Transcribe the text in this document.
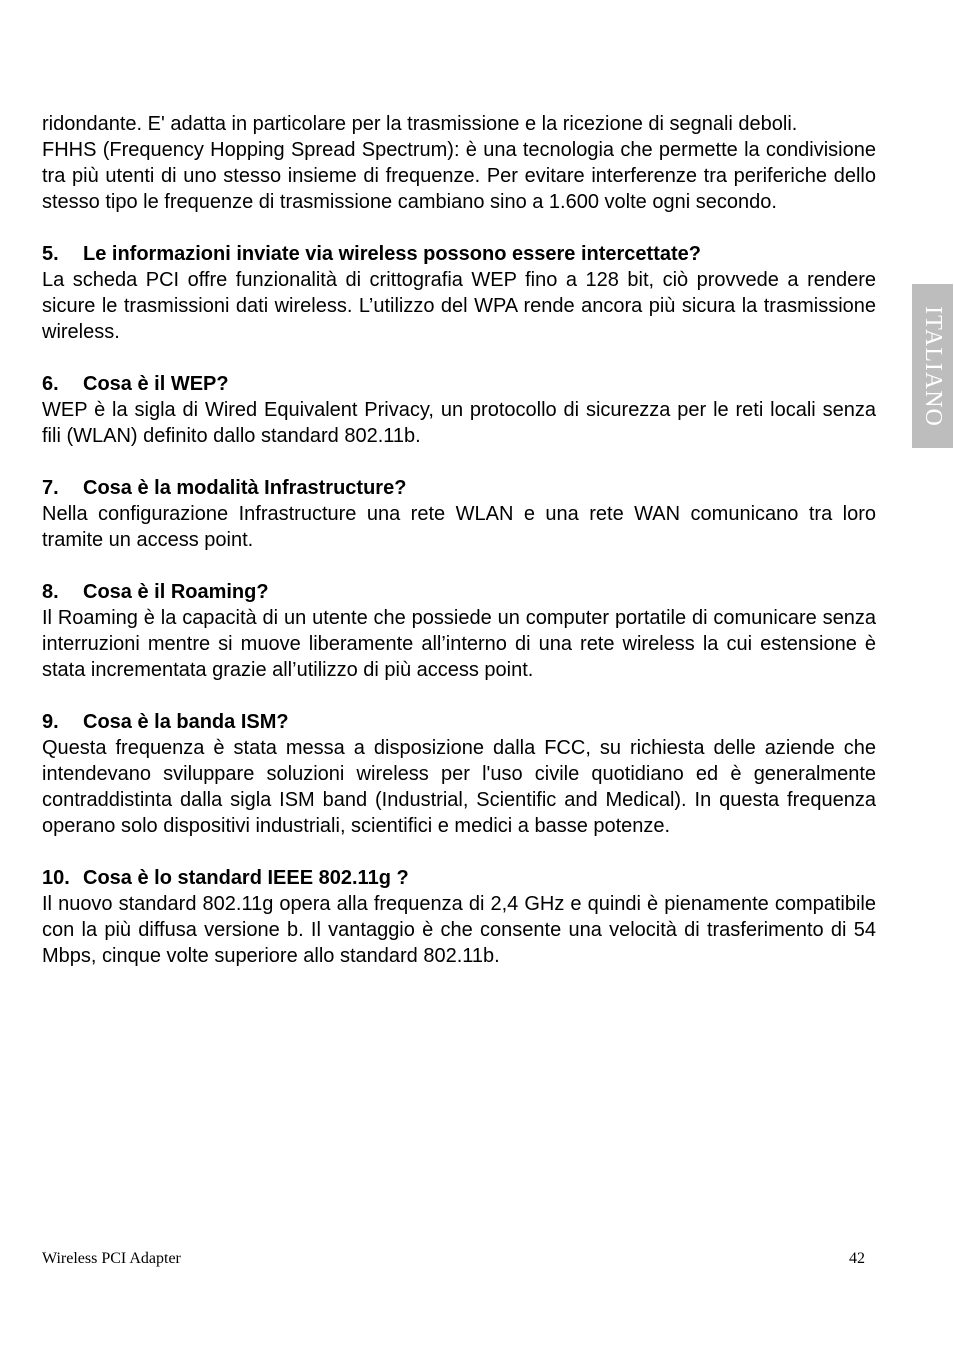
ridondante. E' adatta in particolare per la trasmissione e la ricezione di segnali deboli.

FHHS (Frequency Hopping Spread Spectrum): è una tecnologia che permette la condivisione tra più utenti di uno stesso insieme di frequenze. Per evitare interferenze tra periferiche dello stesso tipo le frequenze di trasmissione cambiano sino a 1.600 volte ogni secondo.

5.	Le informazioni inviate via wireless possono essere intercettate?

La scheda PCI offre funzionalità di crittografia WEP fino a 128 bit, ciò provvede a rendere sicure le trasmissioni dati wireless. L’utilizzo del WPA rende ancora più sicura la trasmissione wireless.

6.	Cosa è il WEP?

WEP è la sigla di Wired Equivalent Privacy, un protocollo di sicurezza per le reti locali senza fili (WLAN) definito dallo standard 802.11b.

7.	Cosa è la modalità Infrastructure?

Nella configurazione Infrastructure una rete WLAN e una rete WAN comunicano tra loro tramite un access point.

8.	Cosa è il Roaming?

Il Roaming è la capacità di un utente che possiede un computer portatile di comunicare senza interruzioni mentre si muove liberamente all’interno di una rete wireless la cui estensione è stata incrementata grazie all’utilizzo di più access point.

9.	Cosa è la banda ISM?

Questa frequenza è stata messa a disposizione dalla FCC, su richiesta delle aziende che intendevano sviluppare soluzioni wireless per l'uso civile quotidiano ed è generalmente contraddistinta dalla sigla ISM band (Industrial, Scientific and Medical). In questa frequenza operano solo dispositivi industriali, scientifici e medici a basse potenze.

10. Cosa è lo standard IEEE 802.11g ?

Il nuovo standard 802.11g opera alla frequenza di 2,4 GHz e quindi è pienamente compatibile con la più diffusa versione b. Il vantaggio è che consente una velocità di trasferimento di 54 Mbps, cinque volte superiore allo standard 802.11b.

ITALIANO
Wireless PCI Adapter	42
